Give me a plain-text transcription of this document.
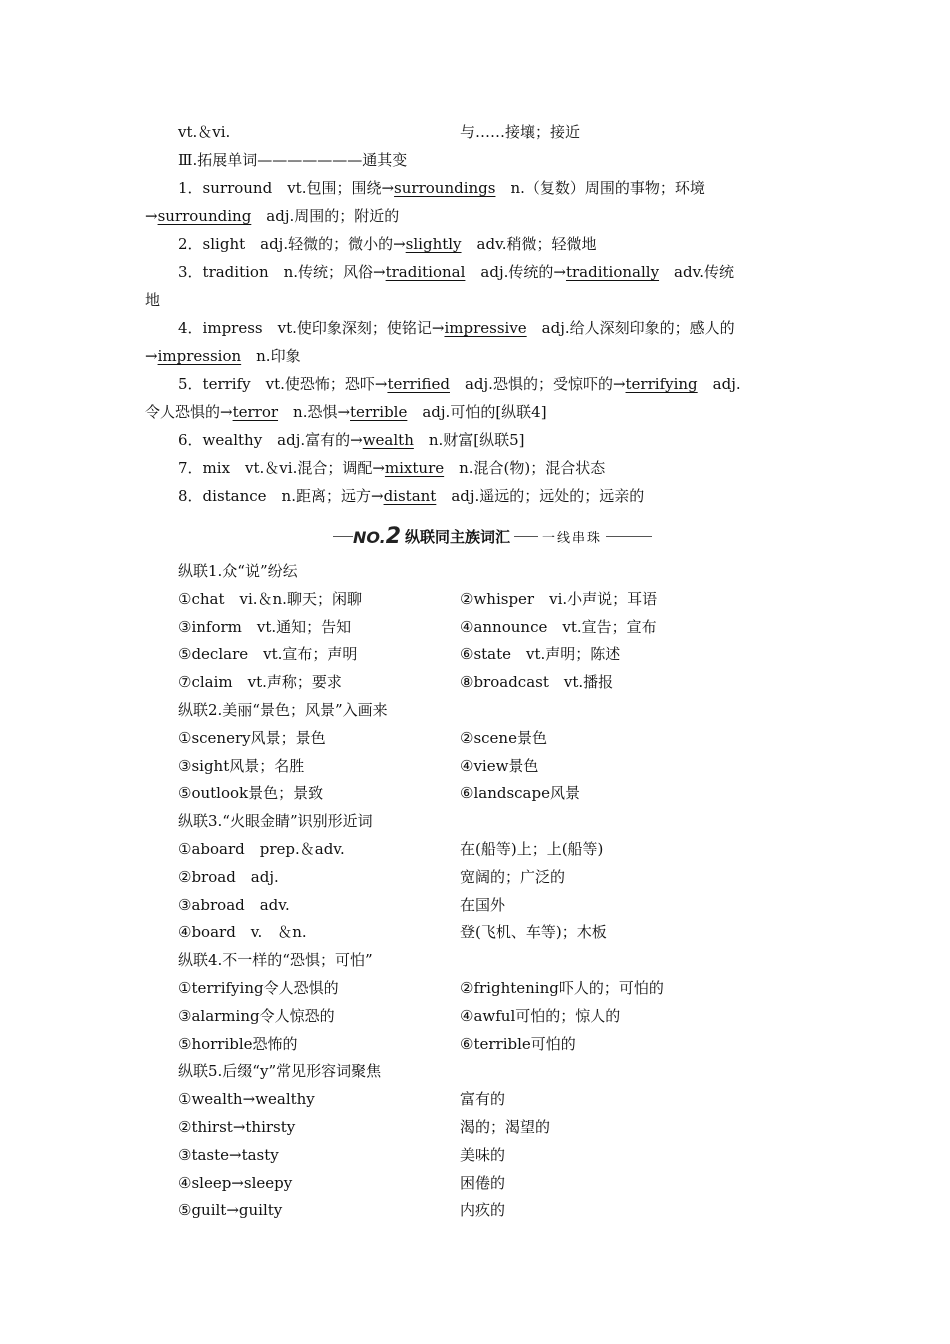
vt.＆vi.	与……接壤；接近
Ⅲ.拓展单词———————通其变
1．surround　vt.包围；围绕→surroundings　n.（复数）周围的事物；环境
→surrounding　adj.周围的；附近的
2．slight　adj.轻微的；微小的→slightly　adv.稍微；轻微地
3．tradition　n.传统；风俗→traditional　adj.传统的→traditionally　adv.传统
地
4．impress　vt.使印象深刻；使铭记→impressive　adj.给人深刻印象的；感人的
→impression　n.印象
5．terrify　vt.使恐怖；恐吓→terrified　adj.恐惧的；受惊吓的→terrifying　adj.
令人恐惧的→terror　n.恐惧→terrible　adj.可怕的[纵联4]
6．wealthy　adj.富有的→wealth　n.财富[纵联5]
7．mix　vt.＆vi.混合；调配→mixture　n.混合(物)；混合状态
8．distance　n.距离；远方→distant　adj.遥远的；远处的；远亲的
NO.2 纵联同主族词汇 一线串珠
纵联1.众“说”纷纭
①chat　vi.＆n.聊天；闲聊	②whisper　vi.小声说；耳语
③inform　vt.通知；告知	④announce　vt.宣告；宣布
⑤declare　vt.宣布；声明	⑥state　vt.声明；陈述
⑦claim　vt.声称；要求	⑧broadcast　vt.播报
纵联2.美丽“景色；风景”入画来
①scenery风景；景色	②scene景色
③sight风景；名胜	④view景色
⑤outlook景色；景致	⑥landscape风景
纵联3.“火眼金睛”识别形近词
①aboard　prep.＆adv.	在(船等)上；上(船等)
②broad　adj.	宽阔的；广泛的
③abroad　adv.	在国外
④board　v.　＆n.	登(飞机、车等)；木板
纵联4.不一样的“恐惧；可怕”
①terrifying令人恐惧的	②frightening吓人的；可怕的
③alarming令人惊恐的	④awful可怕的；惊人的
⑤horrible恐怖的	⑥terrible可怕的
纵联5.后缀“y”常见形容词聚焦
①wealth→wealthy	富有的
②thirst→thirsty	渴的；渴望的
③taste→tasty	美味的
④sleep→sleepy	困倦的
⑤guilt→guilty	内疚的
